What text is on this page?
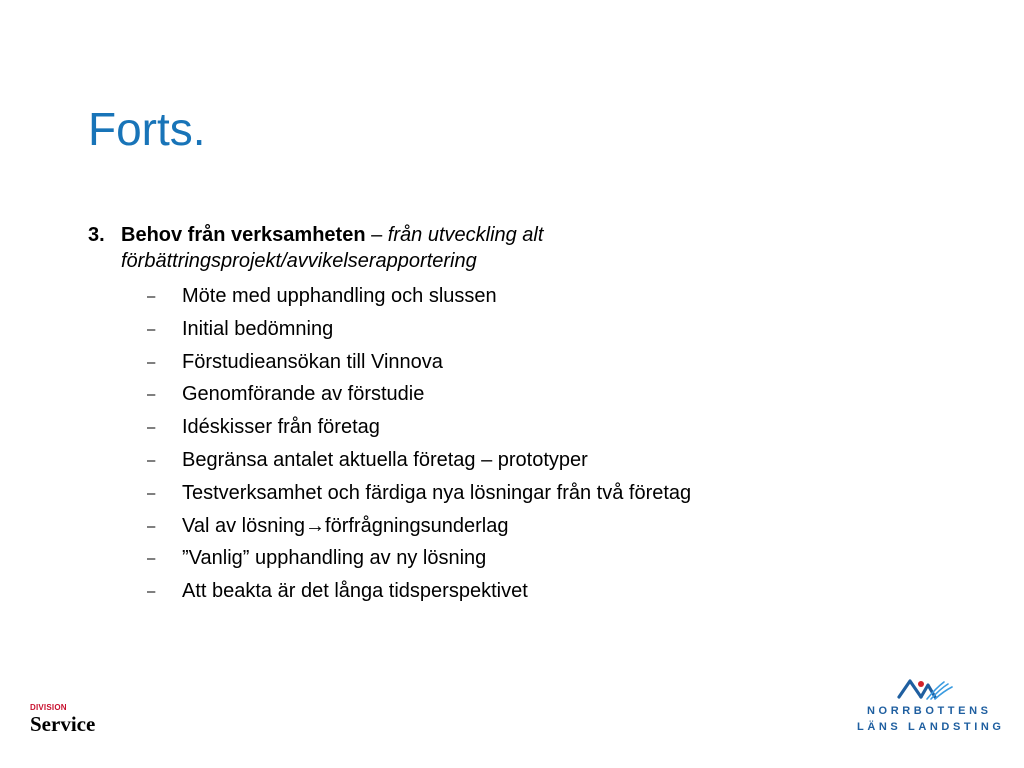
Forts.
3. Behov från verksamheten – från utveckling alt förbättringsprojekt/avvikelserapportering
– Möte med upphandling och slussen
– Initial bedömning
– Förstudieansökan till Vinnova
– Genomförande av förstudie
– Idéskisser från företag
– Begränsa antalet aktuella företag – prototyper
– Testverksamhet och färdiga nya lösningar från två företag
– Val av lösning→förfrågningsunderlag
– ”Vanlig” upphandling av ny lösning
– Att beakta är det långa tidsperspektivet
DIVISION
Service
NORRBOTTENS
LÄNS LANDSTING
